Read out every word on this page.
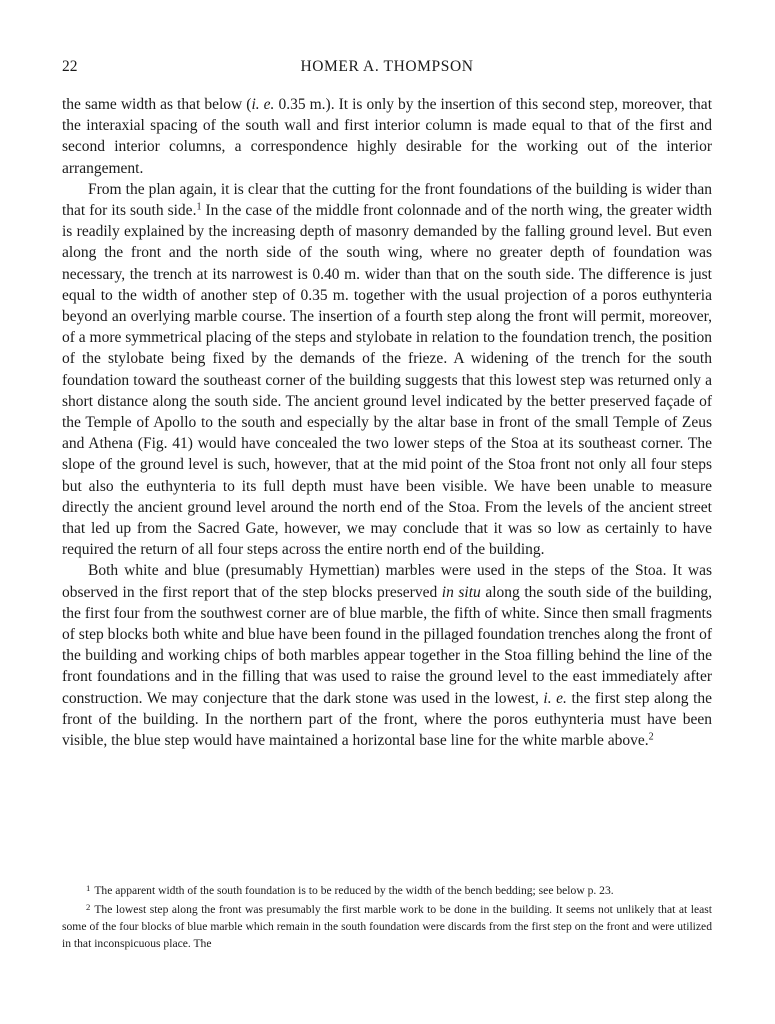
22	HOMER A. THOMPSON

the same width as that below (i. e. 0.35 m.). It is only by the insertion of this second step, moreover, that the interaxial spacing of the south wall and first interior column is made equal to that of the first and second interior columns, a correspondence highly desirable for the working out of the interior arrangement.

From the plan again, it is clear that the cutting for the front foundations of the building is wider than that for its south side.$^1$ In the case of the middle front colonnade and of the north wing, the greater width is readily explained by the increasing depth of masonry demanded by the falling ground level. But even along the front and the north side of the south wing, where no greater depth of foundation was necessary, the trench at its narrowest is 0.40 m. wider than that on the south side. The difference is just equal to the width of another step of 0.35 m. together with the usual projection of a poros euthynteria beyond an overlying marble course. The insertion of a fourth step along the front will permit, moreover, of a more symmetrical placing of the steps and stylobate in relation to the foundation trench, the position of the stylobate being fixed by the demands of the frieze. A widening of the trench for the south foundation toward the southeast corner of the building suggests that this lowest step was returned only a short distance along the south side. The ancient ground level indicated by the better preserved façade of the Temple of Apollo to the south and especially by the altar base in front of the small Temple of Zeus and Athena (Fig. 41) would have concealed the two lower steps of the Stoa at its southeast corner. The slope of the ground level is such, however, that at the mid point of the Stoa front not only all four steps but also the euthynteria to its full depth must have been visible. We have been unable to measure directly the ancient ground level around the north end of the Stoa. From the levels of the ancient street that led up from the Sacred Gate, however, we may conclude that it was so low as certainly to have required the return of all four steps across the entire north end of the building.

Both white and blue (presumably Hymettian) marbles were used in the steps of the Stoa. It was observed in the first report that of the step blocks preserved in situ along the south side of the building, the first four from the southwest corner are of blue marble, the fifth of white. Since then small fragments of step blocks both white and blue have been found in the pillaged foundation trenches along the front of the building and working chips of both marbles appear together in the Stoa filling behind the line of the front foundations and in the filling that was used to raise the ground level to the east immediately after construction. We may conjecture that the dark stone was used in the lowest, i. e. the first step along the front of the building. In the northern part of the front, where the poros euthynteria must have been visible, the blue step would have maintained a horizontal base line for the white marble above.$^2$

$^1$ The apparent width of the south foundation is to be reduced by the width of the bench bedding; see below p. 23.

$^2$ The lowest step along the front was presumably the first marble work to be done in the building. It seems not unlikely that at least some of the four blocks of blue marble which remain in the south foundation were discards from the first step on the front and were utilized in that inconspicuous place. The
